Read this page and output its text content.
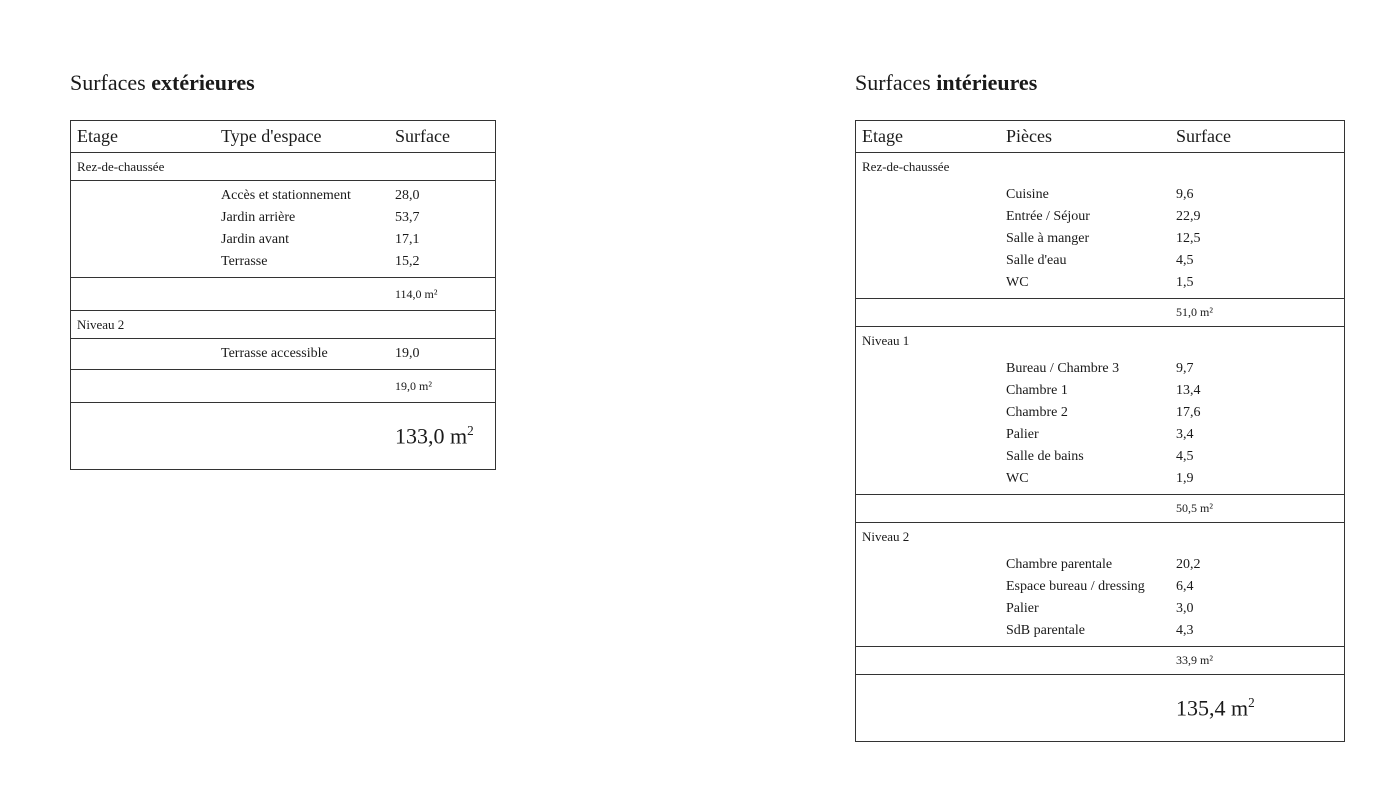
Surfaces extérieures
Etage	Type d'espace	Surface
Rez-de-chaussée
Accès et stationnement	28,0
Jardin arrière	53,7
Jardin avant	17,1
Terrasse	15,2
114,0 m²
Niveau 2
Terrasse accessible	19,0
19,0 m²
133,0 $m^2$
Surfaces intérieures
Etage	Pièces	Surface
Rez-de-chaussée
Cuisine	9,6
Entrée / Séjour	22,9
Salle à manger	12,5
Salle d'eau	4,5
WC	1,5
51,0 m²
Niveau 1
Bureau / Chambre 3	9,7
Chambre 1	13,4
Chambre 2	17,6
Palier	3,4
Salle de bains	4,5
WC	1,9
50,5 m²
Niveau 2
Chambre parentale	20,2
Espace bureau / dressing	6,4
Palier	3,0
SdB parentale	4,3
33,9 m²
135,4 $m^2$
